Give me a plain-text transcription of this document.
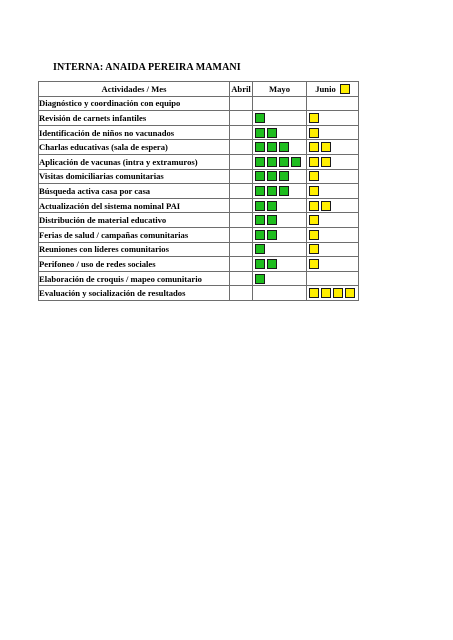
INTERNA: ANAIDA PEREIRA MAMANI
Actividades / Mes	Abril	Mayo	Junio

Diagnóstico y coordinación con equipo	

Revisión de carnets infantiles	

Identificación de niños no vacunados	

Charlas educativas (sala de espera)	

Aplicación de vacunas (intra y extramuros)	

Visitas domiciliarias comunitarias	

Búsqueda activa casa por casa	

Actualización del sistema nominal PAI	

Distribución de material educativo	

Ferias de salud / campañas comunitarias	

Reuniones con líderes comunitarios	

Perifoneo / uso de redes sociales	

Elaboración de croquis / mapeo comunitario	

Evaluación y socialización de resultados	
